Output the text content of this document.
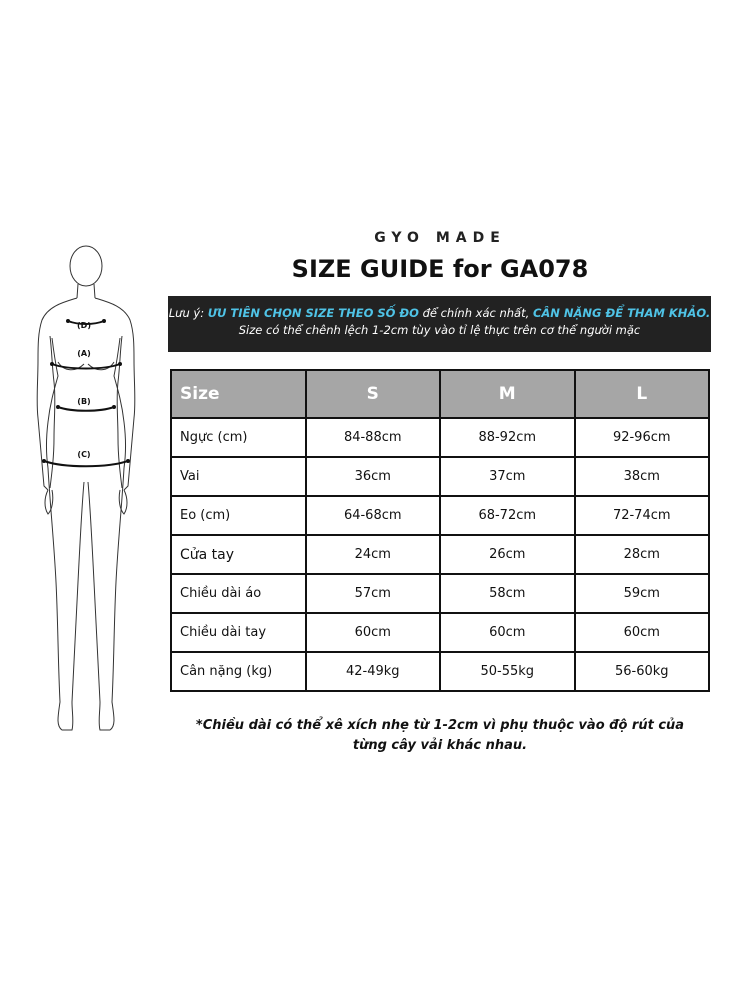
(D)
(A)
(B)
(C)
GYO MADE
SIZE GUIDE for GA078
Lưu ý: ƯU TIÊN CHỌN SIZE THEO SỐ ĐO để chính xác nhất, CÂN NẶNG ĐỂ THAM KHẢO.
Size có thể chênh lệch 1-2cm tùy vào tỉ lệ thực trên cơ thể người mặc
Size	S	M	L
Ngực (cm)	84-88cm	88-92cm	92-96cm
Vai	36cm	37cm	38cm
Eo (cm)	64-68cm	68-72cm	72-74cm
Cửa tay	24cm	26cm	28cm
Chiều dài áo	57cm	58cm	59cm
Chiều dài tay	60cm	60cm	60cm
Cân nặng (kg)	42-49kg	50-55kg	56-60kg
*Chiều dài có thể xê xích nhẹ từ 1-2cm vì phụ thuộc vào độ rút của
từng cây vải khác nhau.
